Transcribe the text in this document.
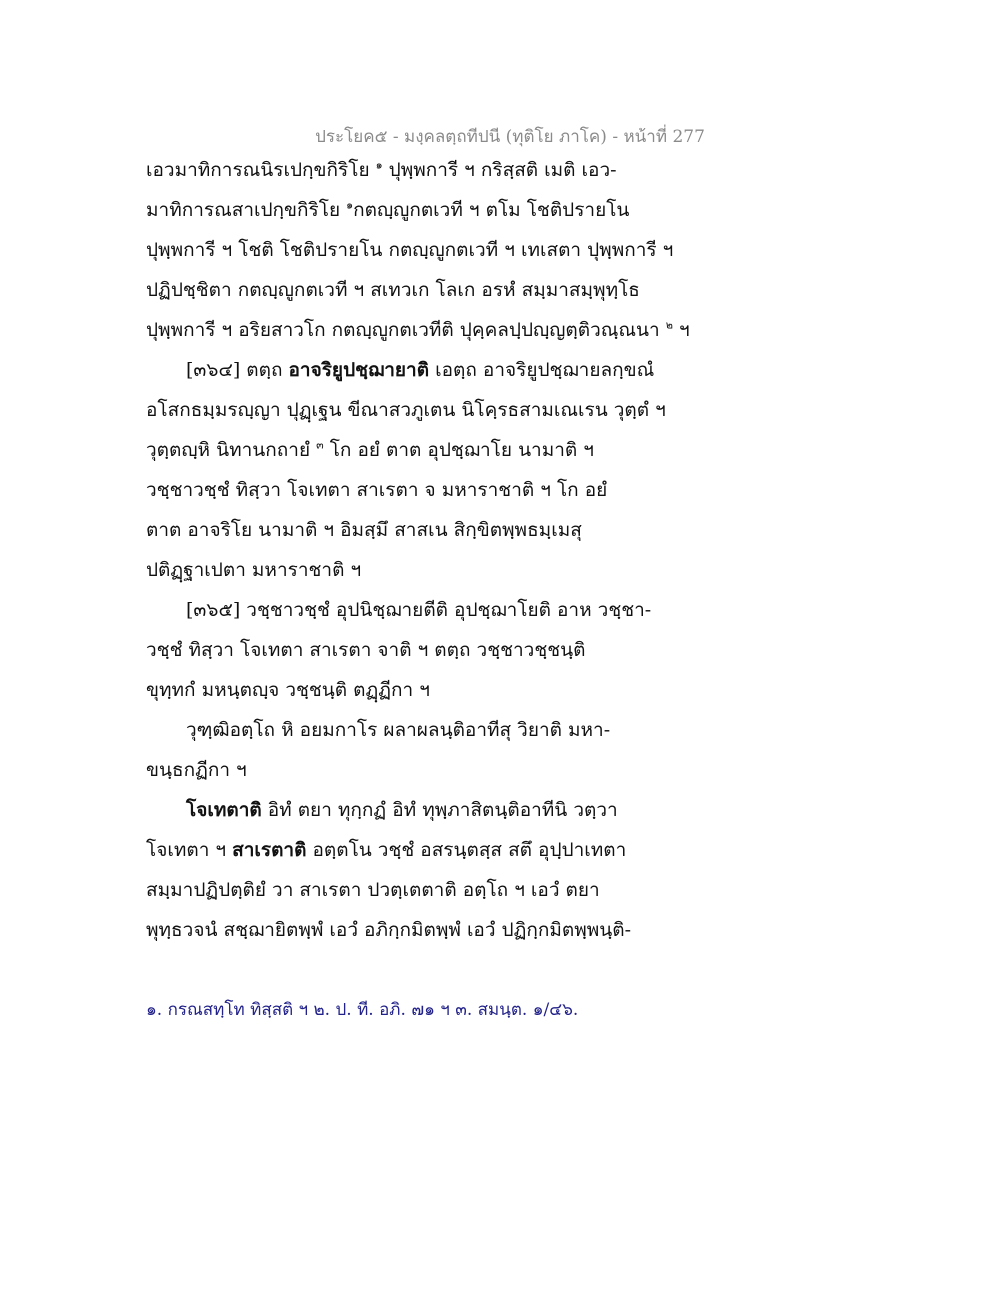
ประโยค๕ - มงฺคลตฺถทีปนี (ทุติโย ภาโค) - หน้าที่ 277
เอวมาทิการณนิรเปกฺขกิริโย $^๑$ ปุพฺพการี ฯ กริสฺสติ เมติ เอว-
มาทิการณสาเปกฺขกิริโย $^๑$กตญฺญูกตเวที ฯ ตโม โชติปรายโน
ปุพฺพการี ฯ โชติ โชติปรายโน กตญฺญูกตเวที ฯ เทเสตา ปุพฺพการี ฯ
ปฏิปชฺชิตา กตญฺญูกตเวที ฯ สเทวเก โลเก อรหํ สมฺมาสมฺพุทฺโธ
ปุพฺพการี ฯ อริยสาวโก กตญฺญูกตเวทีติ ปุคฺคลปฺปญฺญตฺติวณฺณนา $^๒$ ฯ
[๓๖๔] ตตฺถ อาจริยูปชฺฌายาติ เอตฺถ อาจริยูปชฺฌายลกฺขณํ
อโสกธมฺมรญฺญา ปุฏฺเฐน ขีณาสวภูเตน นิโคฺรธสามเณเรน วุตฺตํ ฯ
วุตฺตญฺหิ นิทานกถายํ $^๓$ โก อยํ ตาต อุปชฺฌาโย นามาติ ฯ
วชฺชาวชฺชํ ทิสฺวา โจเทตา สาเรตา จ มหาราชาติ ฯ โก อยํ
ตาต อาจริโย นามาติ ฯ อิมสฺมึ สาสเน สิกฺขิตพฺพธมฺเมสุ
ปติฏฺฐาเปตา มหาราชาติ ฯ
[๓๖๕] วชฺชาวชฺชํ อุปนิชฺฌายตีติ อุปชฺฌาโยติ อาห วชฺชา-
วชฺชํ ทิสฺวา โจเทตา สาเรตา จาติ ฯ ตตฺถ วชฺชาวชฺชนฺติ
ขุทฺทกํ มหนฺตญฺจ วชฺชนฺติ ตฏฺฏีกา ฯ
วุฑฺฒิอตฺโถ หิ อยมกาโร ผลาผลนฺติอาทีสุ วิยาติ มหา-
ขนฺธกฏีกา ฯ
โจเทตาติ อิทํ ตยา ทุกฺกฏํ อิทํ ทุพฺภาสิตนฺติอาทีนิ วตฺวา
โจเทตา ฯ สาเรตาติ อตฺตโน วชฺชํ อสรนฺตสฺส สตึ อุปฺปาเทตา
สมฺมาปฏิปตฺติยํ วา สาเรตา ปวตฺเตตาติ อตฺโถ ฯ เอวํ ตยา
พุทฺธวจนํ สชฺฌายิตพฺพํ เอวํ อภิกฺกมิตพฺพํ เอวํ ปฏิกฺกมิตพฺพนฺติ-
๑. กรณสทฺโท ทิสฺสติ ฯ ๒. ป. ที. อภิ. ๗๑ ฯ ๓. สมนฺต. ๑/๔๖.
